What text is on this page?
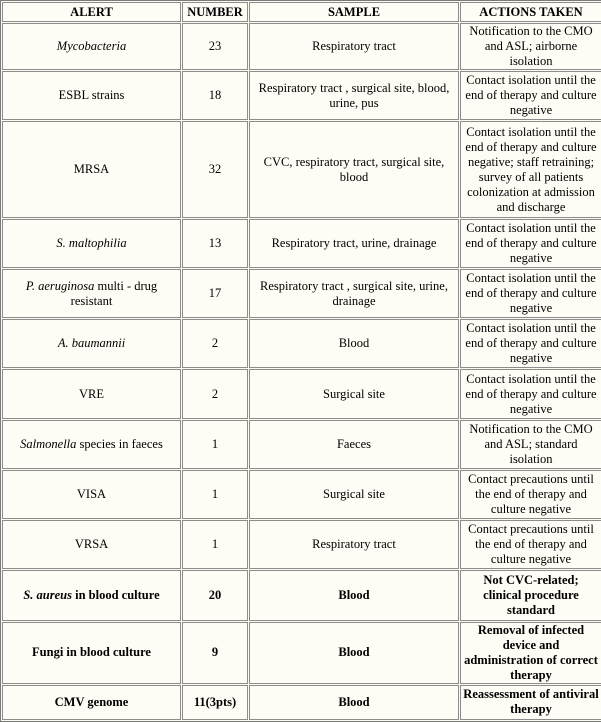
ALERT	NUMBER	SAMPLE	ACTIONS TAKEN
Mycobacteria	23	Respiratory tract	Notification to the CMO and ASL; airborne isolation
ESBL strains	18	Respiratory tract , surgical site, blood, urine, pus	Contact isolation until the end of therapy and culture negative
MRSA	32	CVC, respiratory tract, surgical site, blood	Contact isolation until the end of therapy and culture negative; staff retraining; survey of all patients colonization at admission and discharge
S. maltophilia	13	Respiratory tract, urine, drainage	Contact isolation until the end of therapy and culture negative
P. aeruginosa multi - drug resistant	17	Respiratory tract , surgical site, urine, drainage	Contact isolation until the end of therapy and culture negative
A. baumannii	2	Blood	Contact isolation until the end of therapy and culture negative
VRE	2	Surgical site	Contact isolation until the end of therapy and culture negative
Salmonella species in faeces	1	Faeces	Notification to the CMO and ASL; standard isolation
VISA	1	Surgical site	Contact precautions until the end of therapy and culture negative
VRSA	1	Respiratory tract	Contact precautions until the end of therapy and culture negative
S. aureus in blood culture	20	Blood	Not CVC-related; clinical procedure standard
Fungi in blood culture	9	Blood	Removal of infected device and administration of correct therapy
CMV genome	11(3pts)	Blood	Reassessment of antiviral therapy
